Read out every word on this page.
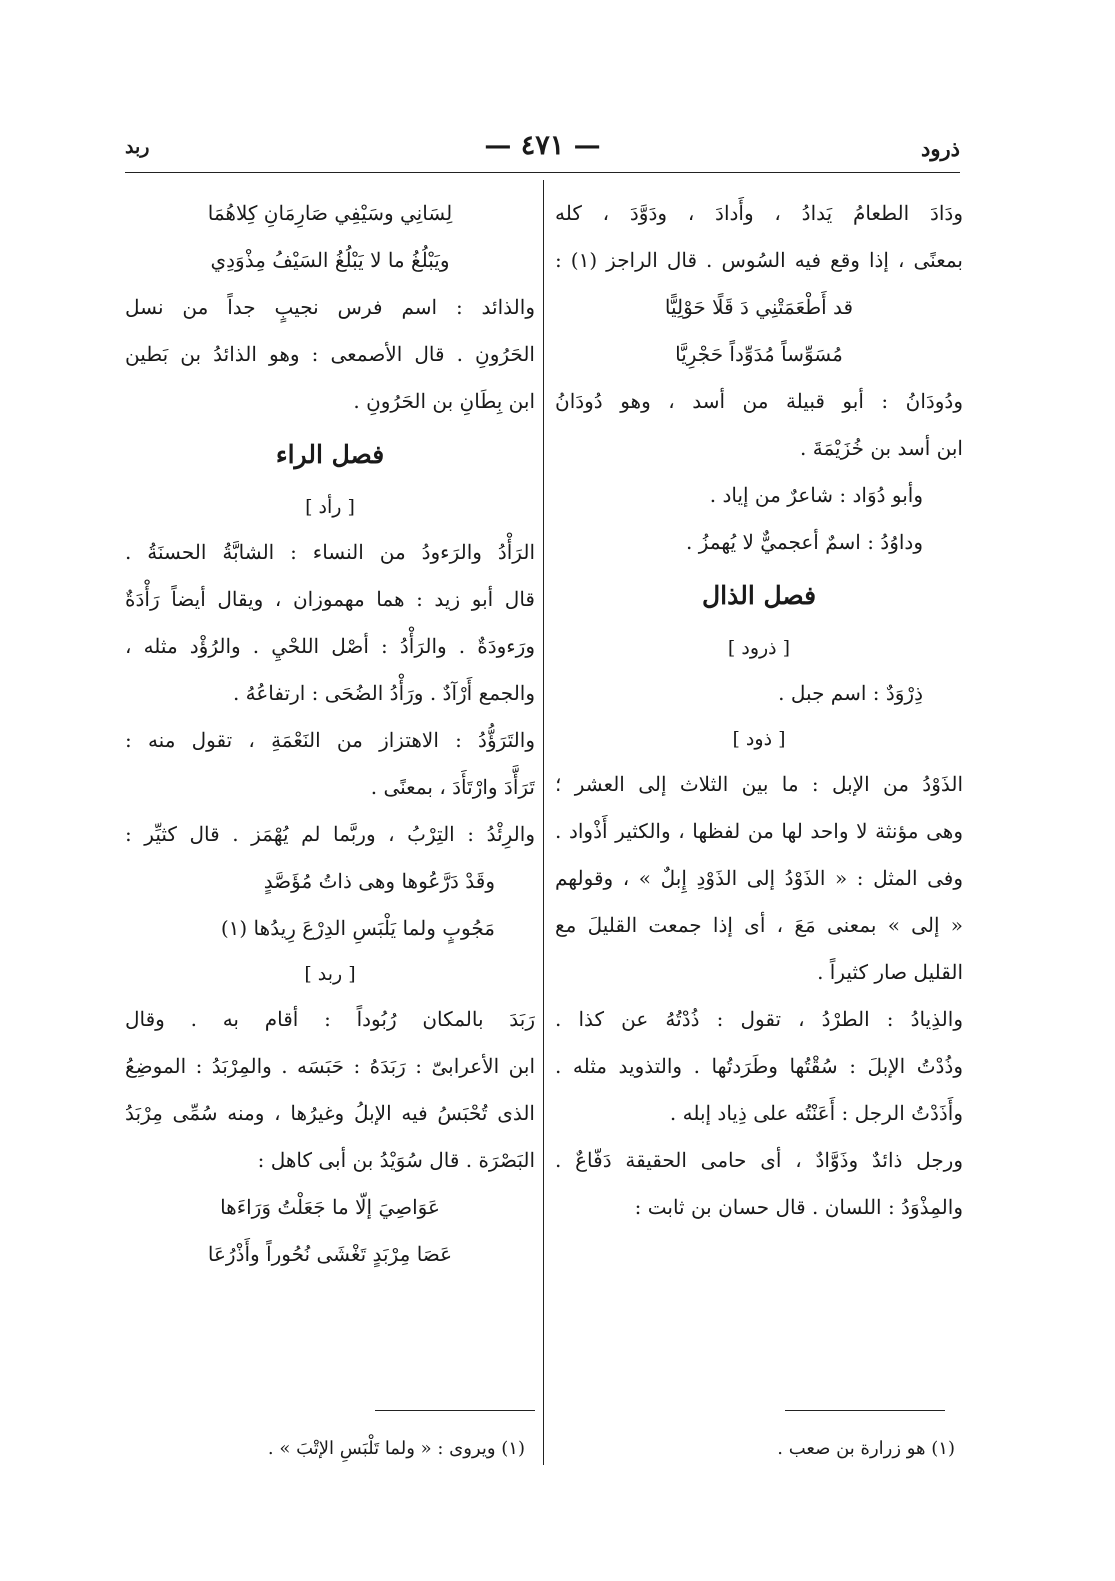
ذرود
— ٤٧١ —
ربد
ودَادَ الطعامُ يَدادُ ، وأَدادَ ، ودَوَّدَ ، كله
بمعنًى ، إذا وقع فيه السُوس . قال الراجز (١) :
قد أَطْعَمَتْنِي دَ قَلًا حَوْلِيًّا
مُسَوِّساً مُدَوِّداً حَجْرِيَّا
ودُودَانُ : أبو قبيلة من أسد ، وهو دُودَانُ
ابن أسد بن خُزَيْمَةَ .
وأبو دُوَاد : شاعرٌ من إياد .
وداوُدُ : اسمٌ أعجميٌّ لا يُهمزُ .
فصل الذال
[ ذرود ]
ذِرْوَدٌ : اسم جبل .
[ ذود ]
الذَوْدُ من الإبل : ما بين الثلاث إلى العشر ؛
وهى مؤنثة لا واحد لها من لفظها ، والكثير أَذْواد .
وفى المثل : « الذَوْدُ إلى الذَوْدِ إِبلٌ » ، وقولهم
« إلى » بمعنى مَعَ ، أى إذا جمعت القليلَ مع
القليل صار كثيراً .
والذِيادُ : الطرْدُ ، تقول : ذُدْتُهُ عن كذا .
وذُدْتُ الإبلَ : سُقْتُها وطَرَدتُها . والتذويد مثله .
وأَذَدْتُ الرجل : أَعَنْتُه على ذِياد إبله .
ورجل ذائدٌ وذَوَّادٌ ، أى حامى الحقيقة دَفّاعٌ .
والمِذْوَدُ : اللسان . قال حسان بن ثابت :
لِسَانِي وسَيْفِي صَارِمَانِ كِلاهُمَا
ويَبْلُغُ ما لا يَبْلُغُ السَيْفُ مِذْوَدِي
والذائد : اسم فرس نجيبٍ جداً من نسل
الحَرُونِ . قال الأصمعى : وهو الذائدُ بن بَطين
ابن بِطَانِ بن الحَرُونِ .
فصل الراء
[ رأد ]
الرَأْدُ والرَءودُ من النساء : الشابَّةُ الحسنَةُ .
قال أبو زيد : هما مهموزان ، ويقال أيضاً رَأْدَةٌ
ورَءودَةٌ . والرَأْدُ : أصْل اللحْيِ . والرُؤْد مثله ،
والجمع أَرْآدٌ . ورَأْدُ الضُحَى : ارتفاعُهُ .
والتَرَؤُّدُ : الاهتزاز من النَعْمَةِ ، تقول منه :
تَرَأَّدَ وارْتَأَدَ ، بمعنًى .
والرِئْدُ : التِرْبُ ، وربَّما لم يُهْمَز . قال كثيِّر :
وقَدْ دَرَّعُوها وهى ذاتُ مُؤَصَّدٍ
مَجُوبٍ ولما يَلْبَسِ الدِرْعَ رِيدُها (١)
[ ربد ]
رَبَدَ بالمكان رُبُوداً : أقام به . وقال
ابن الأعرابىّ : رَبَدَهُ : حَبَسَه . والمِرْبَدُ : الموضِعُ
الذى تُحْبَسُ فيه الإبلُ وغيرُها ، ومنه سُمِّى مِرْبَدُ
البَصْرَة . قال سُوَيْدُ بن أبى كاهل :
عَوَاصِيَ إلّا ما جَعَلْتُ وَرَاءَها
عَصَا مِرْبَدٍ تَغْشَى نُحُوراً وأَذْرُعَا
(١) هو زرارة بن صعب .
(١) ويروى : « ولما تَلْبَسِ الإتْبَ » .
